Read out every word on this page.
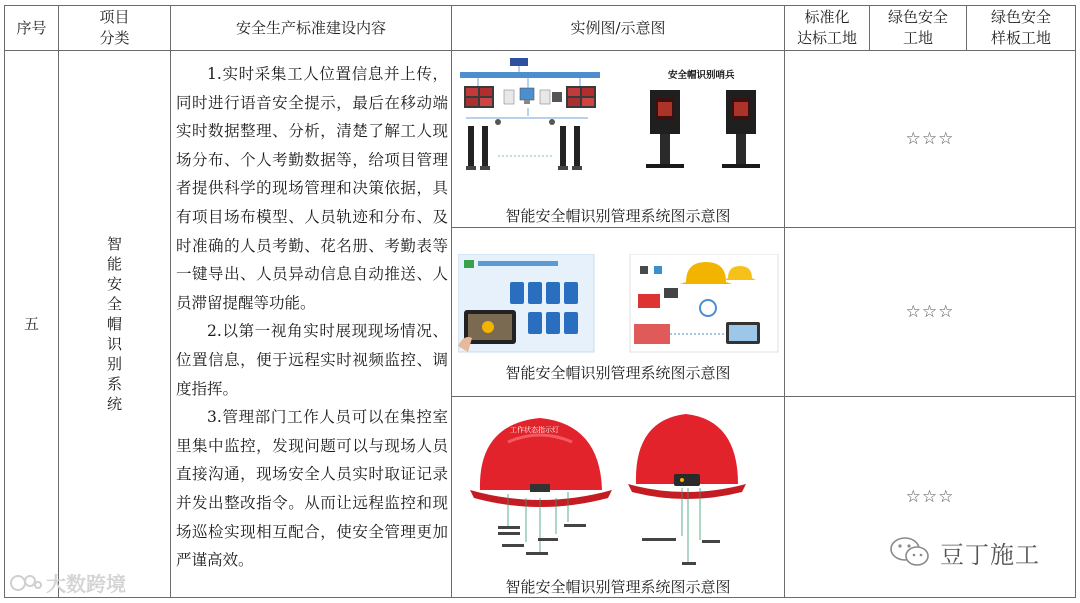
序号
项目
分类
安全生产标准建设内容	实例图/示意图
标准化
达标工地
绿色安全
工地
绿色安全
样板工地
五
智能安全帽识别系统

1.实时采集工人位置信息并上传，同时进行语音安全提示，最后在移动端实时数据整理、分析，清楚了解工人现场分布、个人考勤数据等，给项目管理者提供科学的现场管理和决策依据，具有项目场布模型、人员轨迹和分布、及时准确的人员考勤、花名册、考勤表等一键导出、人员异动信息自动推送、人员滞留提醒等功能。

2.以第一视角实时展现现场情况、位置信息，便于远程实时视频监控、调度指挥。

3.管理部门工作人员可以在集控室里集中监控，发现问题可以与现场人员直接沟通，现场安全人员实时取证记录并发出整改指令。从而让远程监控和现场巡检实现相互配合，使安全管理更加严谨高效。

安全帽识别哨兵
智能安全帽识别管理系统图示意图
☆☆☆
智能安全帽识别管理系统图示意图
☆☆☆
工作状态指示灯
智能安全帽识别管理系统图示意图
☆☆☆
大数跨境
豆丁施工
